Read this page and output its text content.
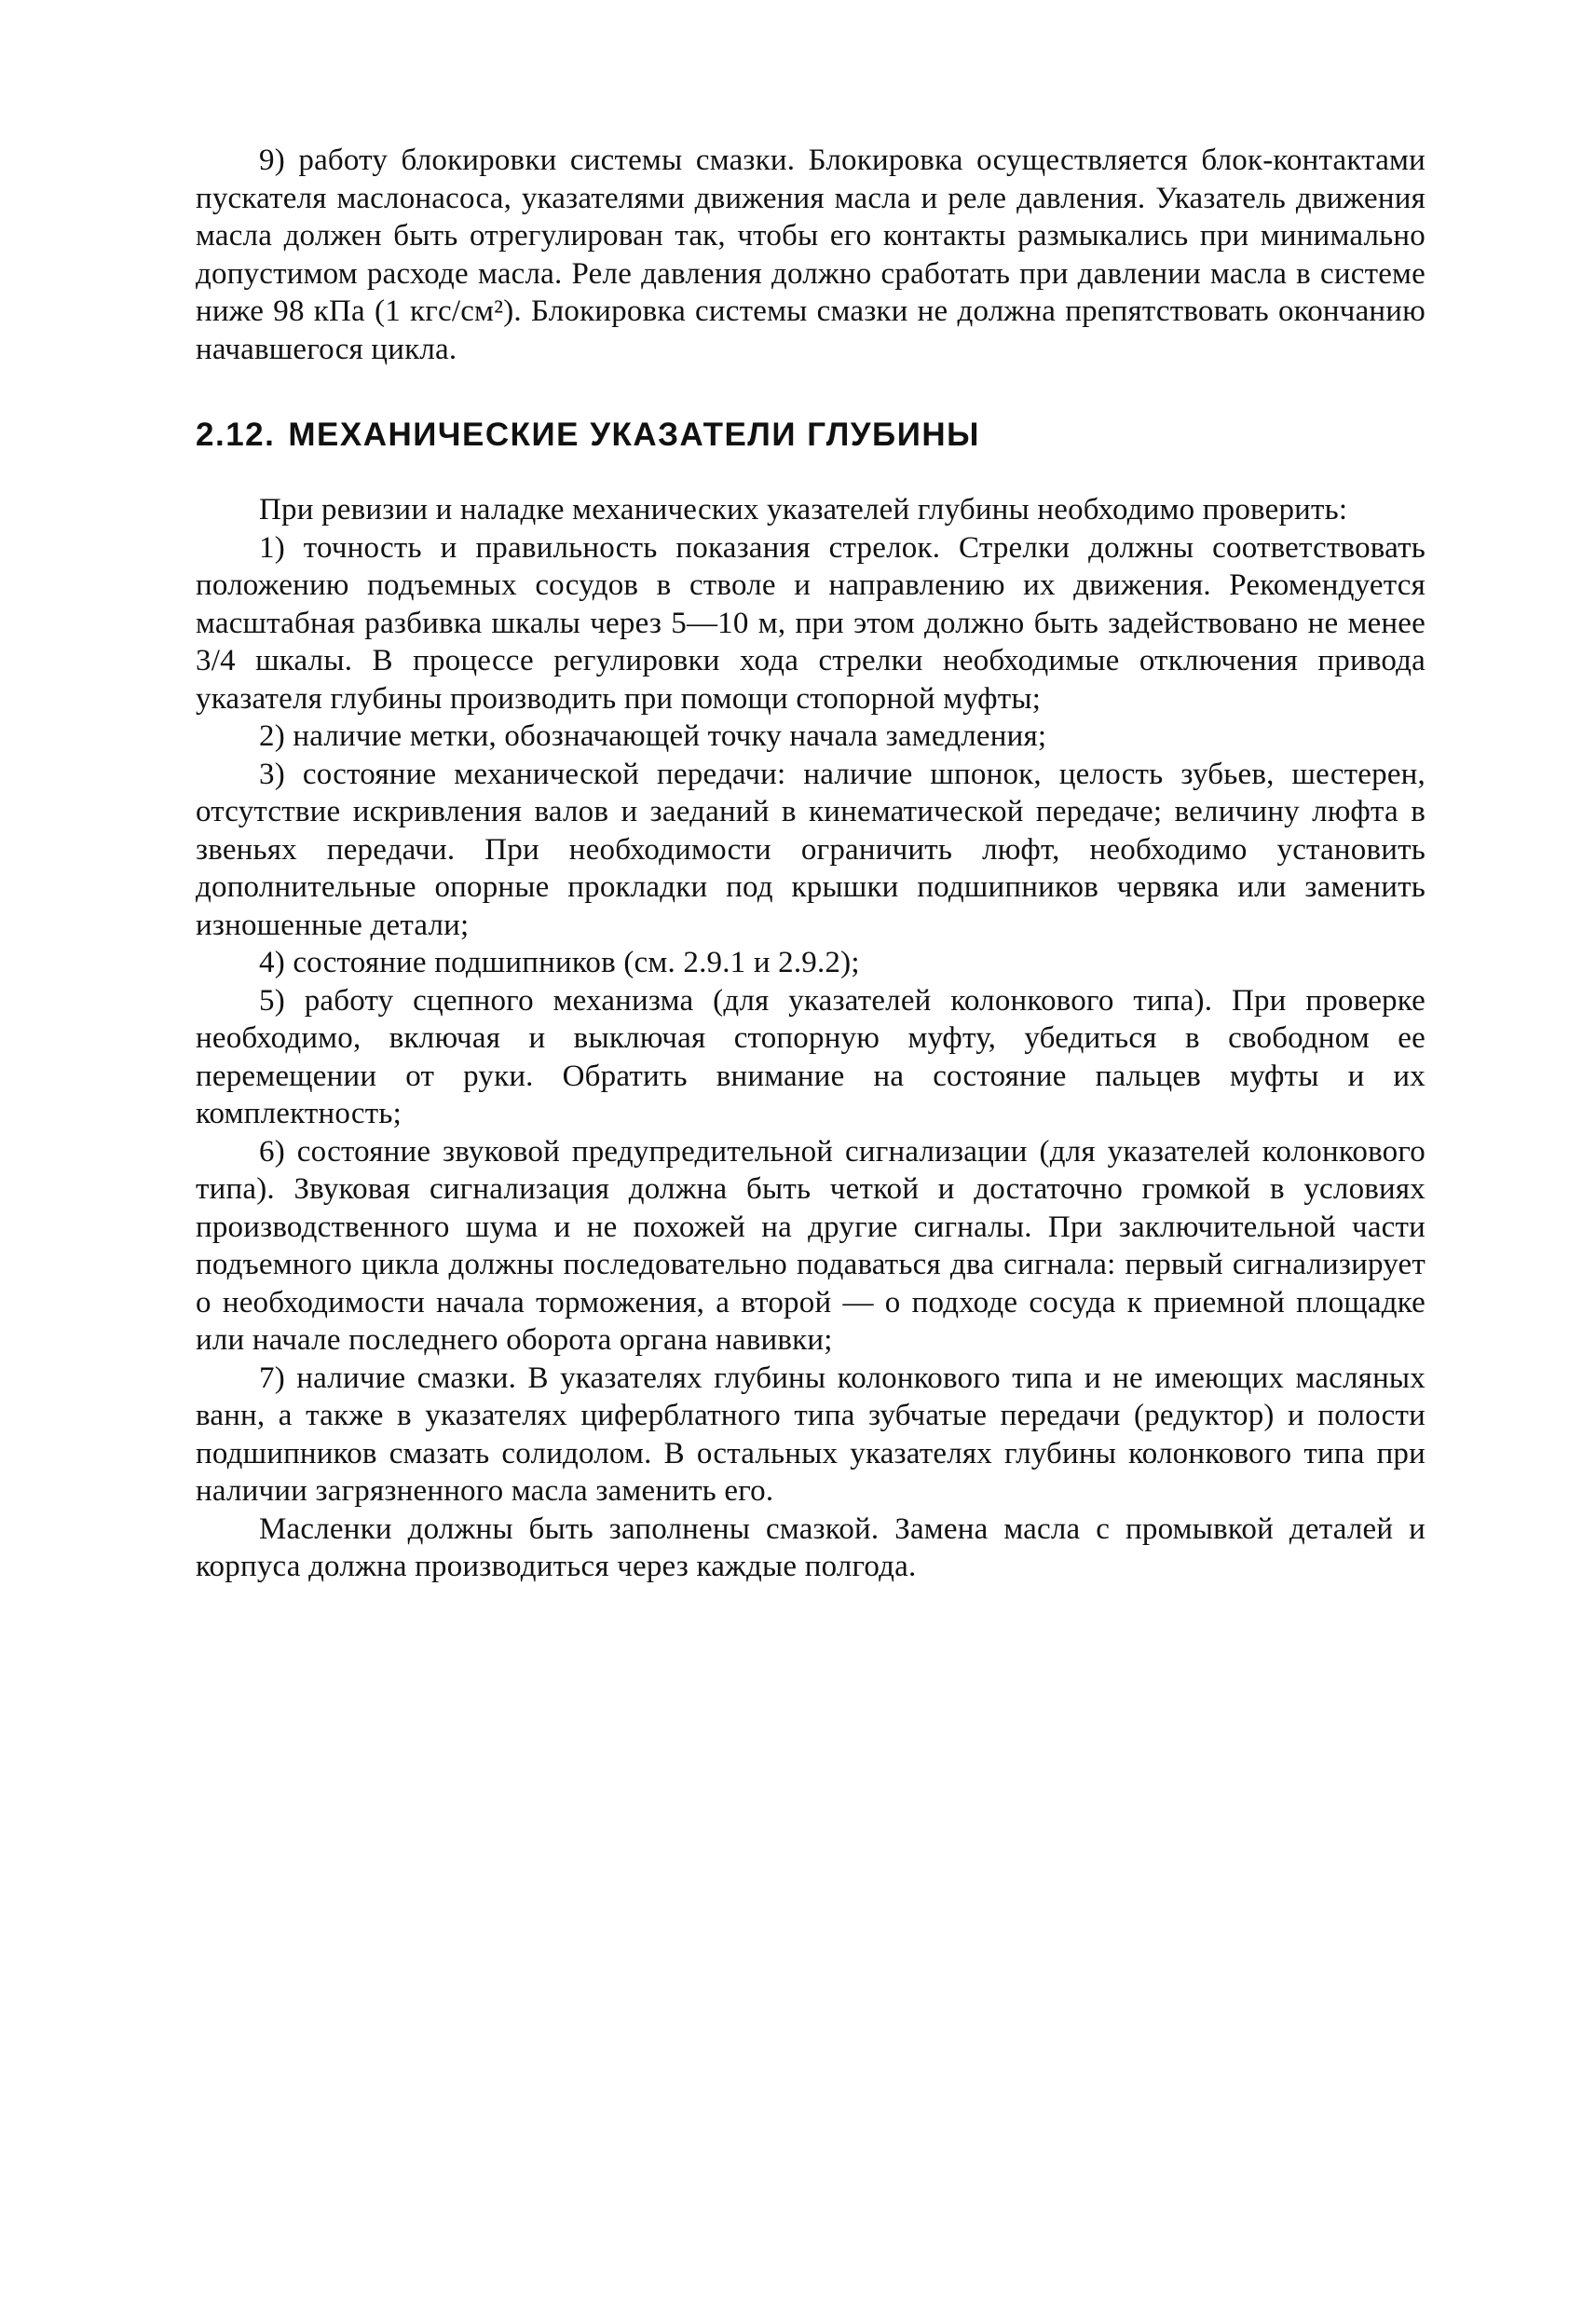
9) работу блокировки системы смазки. Блокировка осуществляется блок-контактами пускателя маслонасоса, указателями движения масла и реле давления. Указатель движения масла должен быть отрегулирован так, чтобы его контакты размыкались при минимально допустимом расходе масла. Реле давления должно сработать при давлении масла в системе ниже 98 кПа (1 кгс/см²). Блокировка системы смазки не должна препятствовать окончанию начавшегося цикла.

2.12. МЕХАНИЧЕСКИЕ УКАЗАТЕЛИ ГЛУБИНЫ

При ревизии и наладке механических указателей глубины необходимо проверить:

1) точность и правильность показания стрелок. Стрелки должны соответствовать положению подъемных сосудов в стволе и направлению их движения. Рекомендуется масштабная разбивка шкалы через 5—10 м, при этом должно быть задействовано не менее 3/4 шкалы. В процессе регулировки хода стрелки необходимые отключения привода указателя глубины производить при помощи стопорной муфты;

2) наличие метки, обозначающей точку начала замедления;

3) состояние механической передачи: наличие шпонок, целость зубьев, шестерен, отсутствие искривления валов и заеданий в кинематической передаче; величину люфта в звеньях передачи. При необходимости ограничить люфт, необходимо установить дополнительные опорные прокладки под крышки подшипников червяка или заменить изношенные детали;

4) состояние подшипников (см. 2.9.1 и 2.9.2);

5) работу сцепного механизма (для указателей колонкового типа). При проверке необходимо, включая и выключая стопорную муфту, убедиться в свободном ее перемещении от руки. Обратить внимание на состояние пальцев муфты и их комплектность;

6) состояние звуковой предупредительной сигнализации (для указателей колонкового типа). Звуковая сигнализация должна быть четкой и достаточно громкой в условиях производственного шума и не похожей на другие сигналы. При заключительной части подъемного цикла должны последовательно подаваться два сигнала: первый сигнализирует о необходимости начала торможения, а второй — о подходе сосуда к приемной площадке или начале последнего оборота органа навивки;

7) наличие смазки. В указателях глубины колонкового типа и не имеющих масляных ванн, а также в указателях циферблатного типа зубчатые передачи (редуктор) и полости подшипников смазать солидолом. В остальных указателях глубины колонкового типа при наличии загрязненного масла заменить его.

Масленки должны быть заполнены смазкой. Замена масла с промывкой деталей и корпуса должна производиться через каждые полгода.
